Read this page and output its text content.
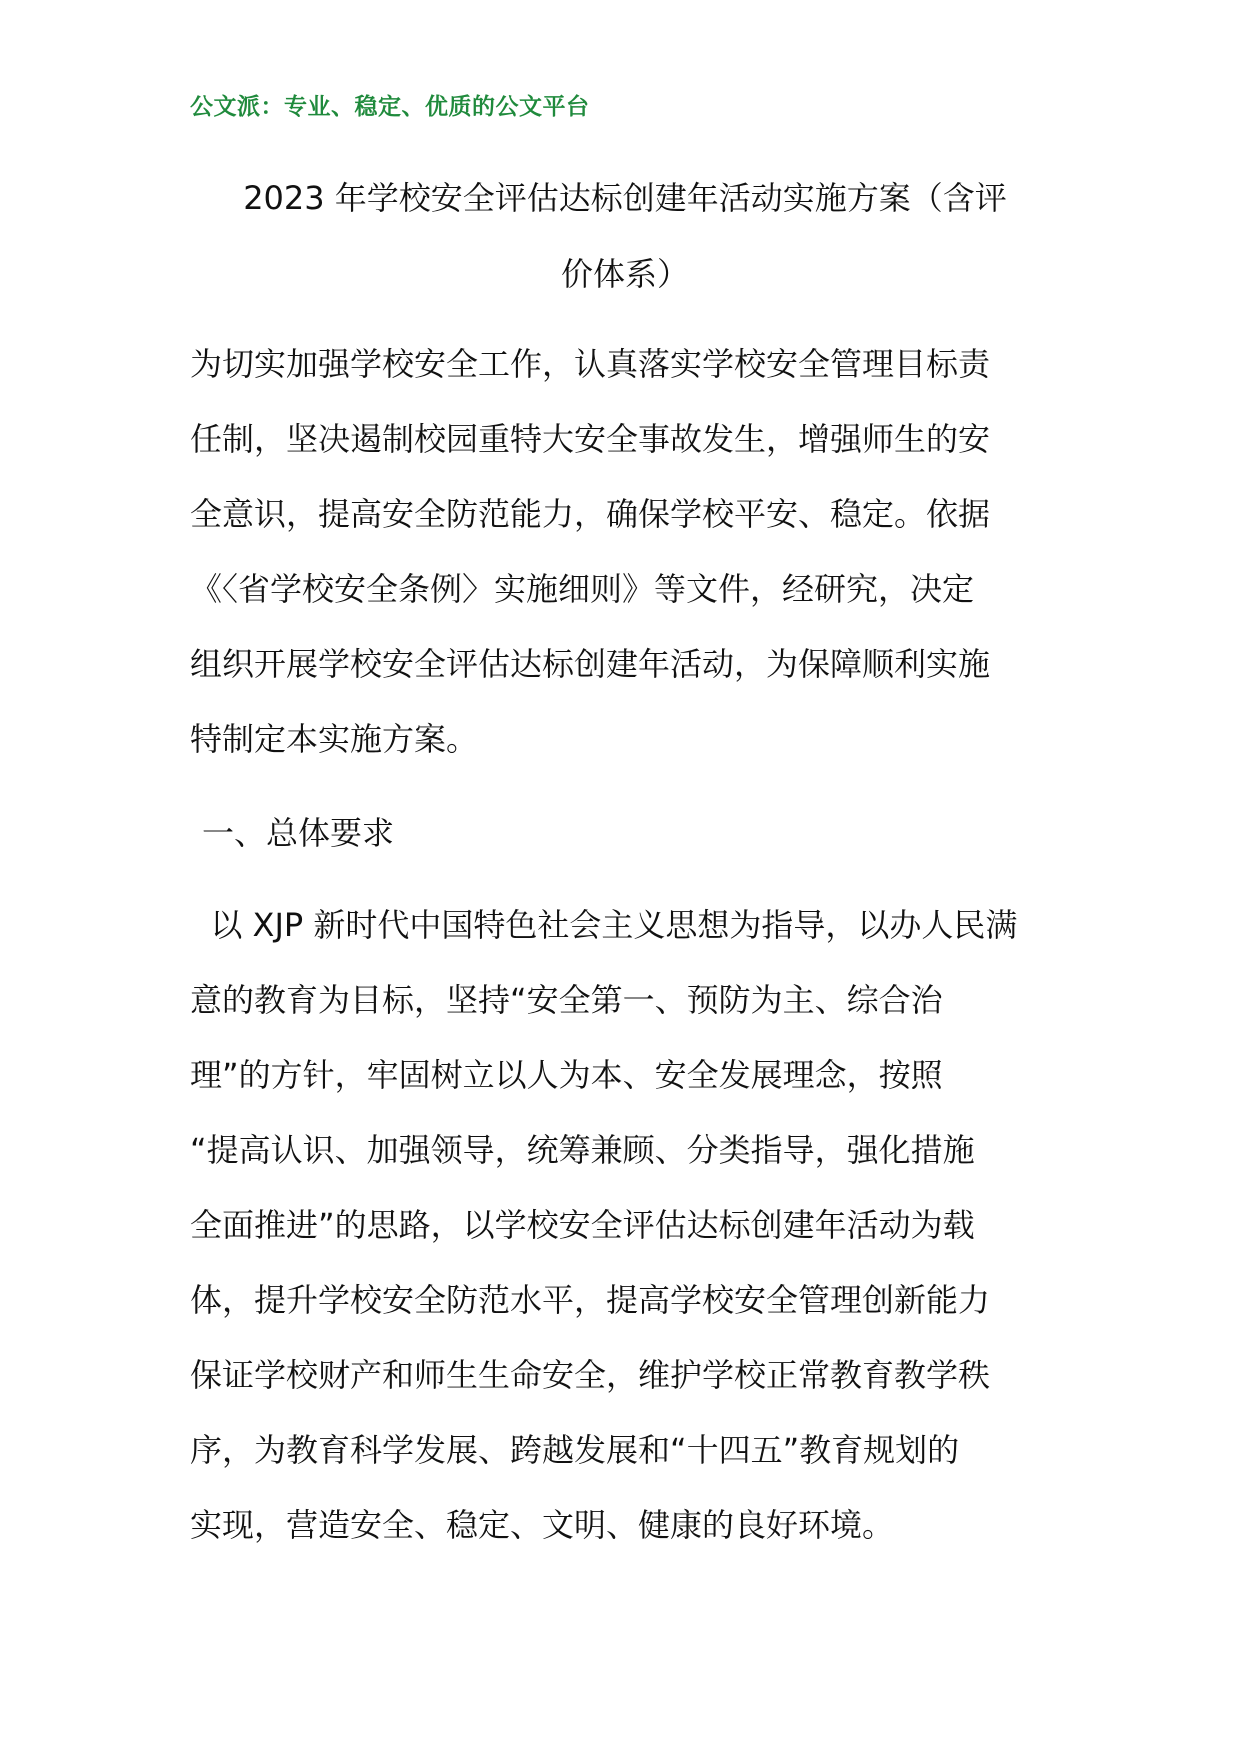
公文派：专业、稳定、优质的公文平台
2023 年学校安全评估达标创建年活动实施方案（含评
价体系）
为切实加强学校安全工作，认真落实学校安全管理目标责
任制，坚决遏制校园重特大安全事故发生，增强师生的安
全意识，提高安全防范能力，确保学校平安、稳定。依据
《〈省学校安全条例〉实施细则》等文件，经研究，决定
组织开展学校安全评估达标创建年活动，为保障顺利实施
特制定本实施方案。
一、总体要求
以 XJP 新时代中国特色社会主义思想为指导，以办人民满
意的教育为目标，坚持“安全第一、预防为主、综合治
理”的方针，牢固树立以人为本、安全发展理念，按照
“提高认识、加强领导，统筹兼顾、分类指导，强化措施
全面推进”的思路，以学校安全评估达标创建年活动为载
体，提升学校安全防范水平，提高学校安全管理创新能力
保证学校财产和师生生命安全，维护学校正常教育教学秩
序，为教育科学发展、跨越发展和“十四五”教育规划的
实现，营造安全、稳定、文明、健康的良好环境。
